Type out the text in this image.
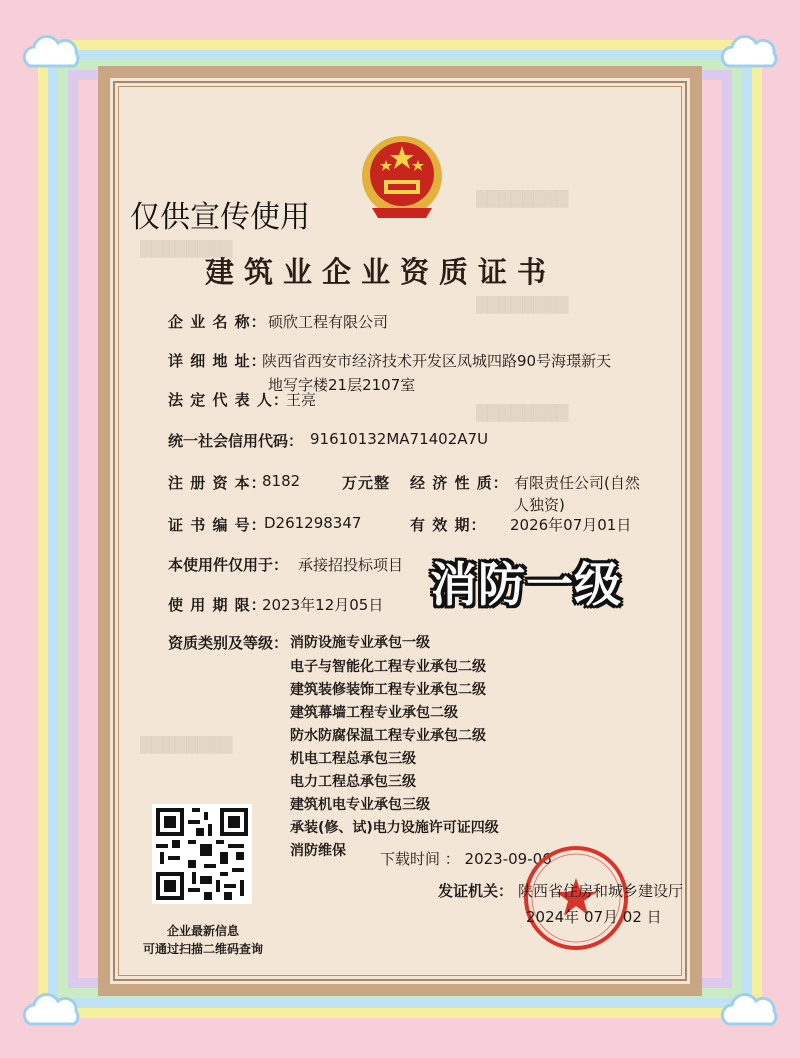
仅供宣传使用
建筑业企业资质证书
████████
████████
████████
████████
████████
企 业 名 称： 硕欣工程有限公司
详 细 地 址：
陕西省西安市经济技术开发区凤城四路90号海璟新天
地写字楼21层2107室
法 定 代 表 人：
王亮
统一社会信用代码： 91610132MA71402A7U
注 册 资 本：
8182	万元整 经 济 性 质： 有限责任公司(自然
人独资)
证 书 编 号：
D261298347	有 效 期： 2026年07月01日
本使用件仅用于： 承接招投标项目
使 用 期 限：
2023年12月05日 消防一级
资质类别及等级： 消防设施专业承包一级
电子与智能化工程专业承包二级
建筑装修装饰工程专业承包二级
建筑幕墙工程专业承包二级
防水防腐保温工程专业承包二级
机电工程总承包三级
电力工程总承包三级
建筑机电专业承包三级
承装(修、试)电力设施许可证四级
消防维保
企业最新信息
可通过扫描二维码查询
下载时间 ： 2023-09-06
发证机关： 陕西省住房和城乡建设厅
2024年 07月 02 日
